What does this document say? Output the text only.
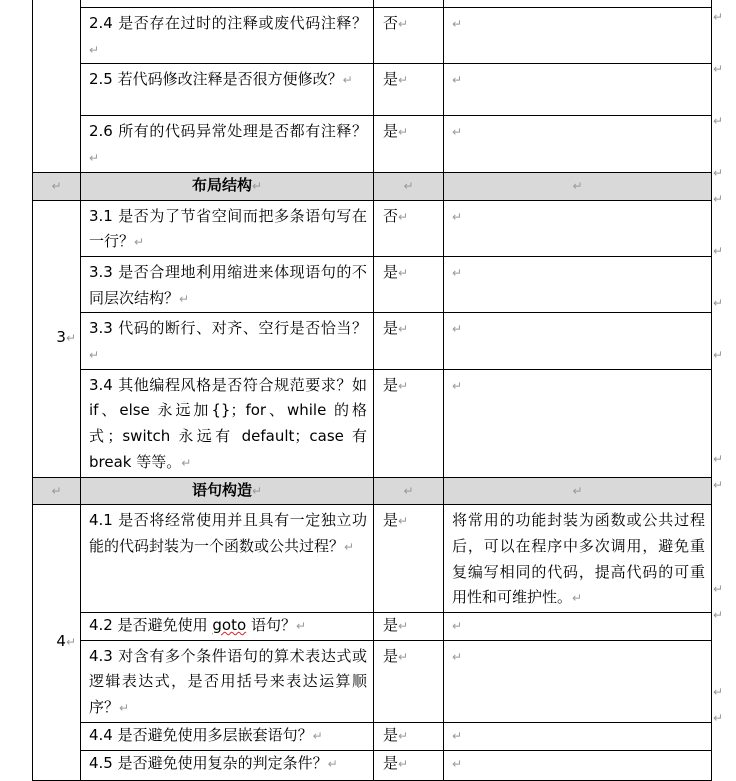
	2.4 是否存在过时的注释或废代码注释？↵	否↵	↵
	2.5 若代码修改注释是否很方便修改？↵	是↵	↵
	2.6 所有的代码异常处理是否都有注释？↵	是↵	↵
↵	布局结构↵	↵	↵
3↵	3.1 是否为了节省空间而把多条语句写在一行？↵	否↵	↵
	3.3 是否合理地利用缩进来体现语句的不同层次结构？↵	是↵	↵
	3.3 代码的断行、对齐、空行是否恰当？↵	是↵	↵
	3.4 其他编程风格是否符合规范要求？如 if、else 永远加{}；for、while 的格式；switch 永远有 default；case 有 break 等等。↵	是↵	↵
↵	语句构造↵	↵	↵
4↵	4.1 是否将经常使用并且具有一定独立功能的代码封装为一个函数或公共过程？↵	是↵	将常用的功能封装为函数或公共过程后，可以在程序中多次调用，避免重复编写相同的代码，提高代码的可重用性和可维护性。↵
	4.2 是否避免使用 goto 语句？↵	是↵	↵
	4.3 对含有多个条件语句的算术表达式或逻辑表达式，是否用括号来表达运算顺序？↵	是↵	↵
	4.4 是否避免使用多层嵌套语句？↵	是↵	↵
	4.5 是否避免使用复杂的判定条件？↵	是↵	↵
↵
↵
↵
↵
↵
↵
↵
↵
↵
↵
↵
↵
↵
↵
